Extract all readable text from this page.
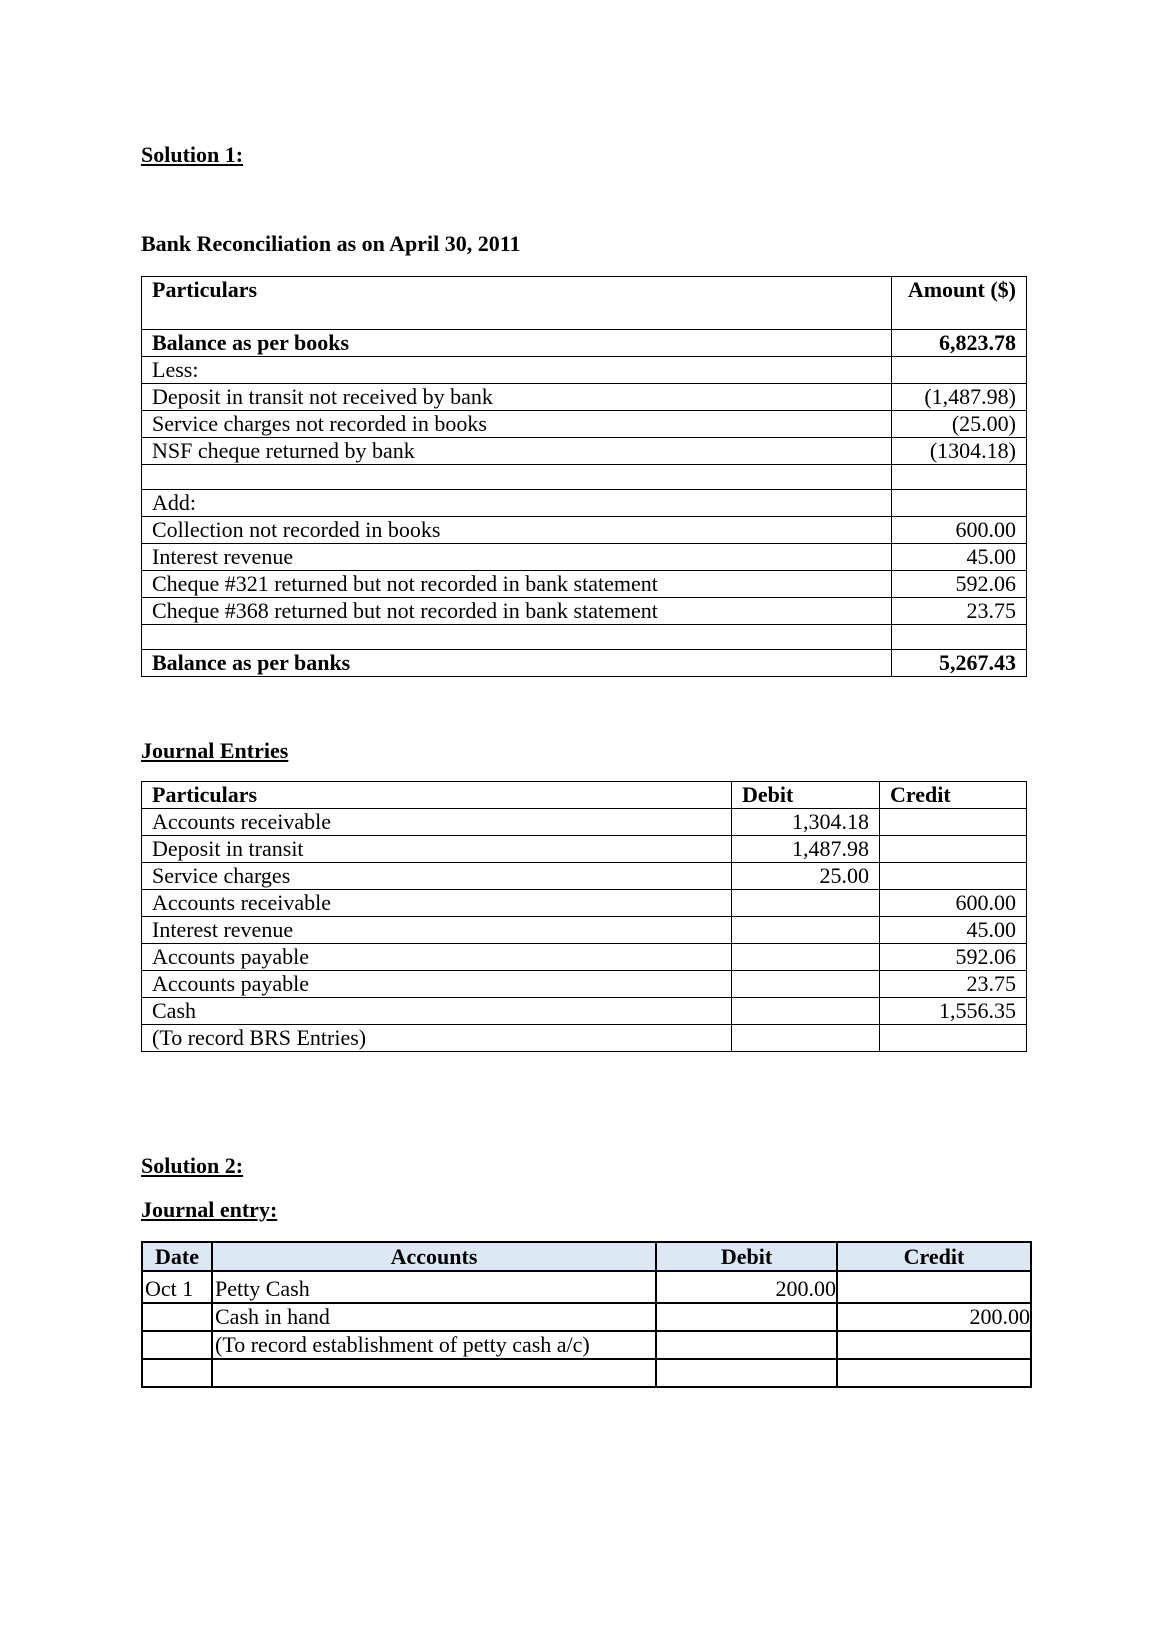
Solution 1:

Bank Reconciliation as on April 30, 2011

Particulars	Amount ($)
Balance as per books	6,823.78
Less:	
Deposit in transit not received by bank	(1,487.98)
Service charges not recorded in books	(25.00)
NSF cheque returned by bank	(1304.18)

Add:	
Collection not recorded in books	600.00
Interest revenue	45.00
Cheque #321 returned but not recorded in bank statement	592.06
Cheque #368 returned but not recorded in bank statement	23.75

Balance as per banks	5,267.43

Journal Entries

Particulars	Debit	Credit
Accounts receivable	1,304.18	
Deposit in transit	1,487.98	
Service charges	25.00	
Accounts receivable		600.00
Interest revenue		45.00
Accounts payable		592.06
Accounts payable		23.75
Cash		1,556.35
(To record BRS Entries)		

Solution 2:

Journal entry:

Date	Accounts	Debit	Credit
Oct 1	Petty Cash	200.00	
	Cash in hand		200.00
	(To record establishment of petty cash a/c)		
